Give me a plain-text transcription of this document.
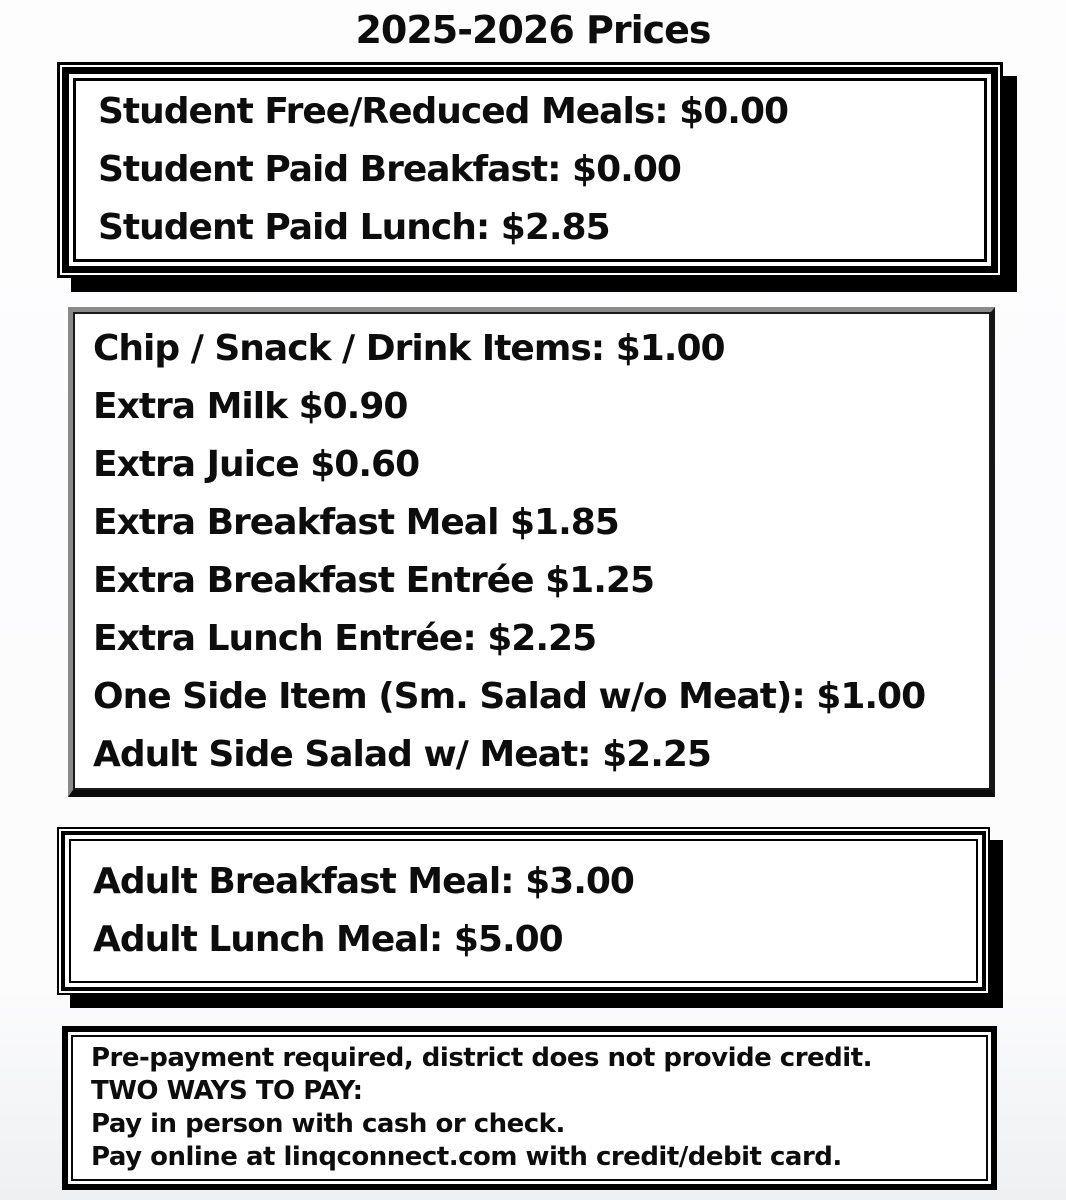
2025-2026 Prices
Student Free/Reduced Meals: $0.00
Student Paid Breakfast: $0.00
Student Paid Lunch: $2.85
Chip / Snack / Drink Items: $1.00
Extra Milk $0.90
Extra Juice $0.60
Extra Breakfast Meal $1.85
Extra Breakfast Entrée $1.25
Extra Lunch Entrée: $2.25
One Side Item (Sm. Salad w/o Meat): $1.00
Adult Side Salad w/ Meat: $2.25
Adult Breakfast Meal: $3.00
Adult Lunch Meal: $5.00
Pre-payment required, district does not provide credit.
TWO WAYS TO PAY:
Pay in person with cash or check.
Pay online at linqconnect.com with credit/debit card.
